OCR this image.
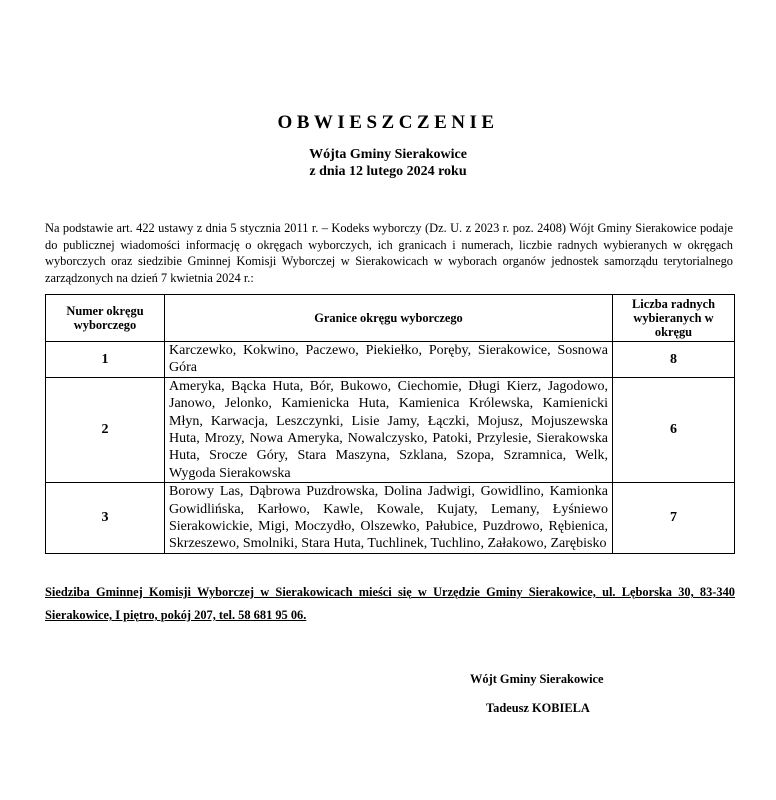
OBWIESZCZENIE
Wójta Gminy Sierakowice
z dnia 12 lutego 2024 roku
Na podstawie art. 422 ustawy z dnia 5 stycznia 2011 r. – Kodeks wyborczy (Dz. U. z 2023 r. poz. 2408) Wójt Gminy Sierakowice podaje do publicznej wiadomości informację o okręgach wyborczych, ich granicach i numerach, liczbie radnych wybieranych w okręgach wyborczych oraz siedzibie Gminnej Komisji Wyborczej w Sierakowicach w wyborach organów jednostek samorządu terytorialnego zarządzonych na dzień 7 kwietnia 2024 r.:
Numer okręgu wyborczego	Granice okręgu wyborczego	Liczba radnych wybieranych w okręgu
1	Karczewko, Kokwino, Paczewo, Piekiełko, Poręby, Sierakowice, Sosnowa Góra	8
2	Ameryka, Bącka Huta, Bór, Bukowo, Ciechomie, Długi Kierz, Jagodowo, Janowo, Jelonko, Kamienicka Huta, Kamienica Królewska, Kamienicki Młyn, Karwacja, Leszczynki, Lisie Jamy, Łączki, Mojusz, Mojuszewska Huta, Mrozy, Nowa Ameryka, Nowalczysko, Patoki, Przylesie, Sierakowska Huta, Srocze Góry, Stara Maszyna, Szklana, Szopa, Szramnica, Welk, Wygoda Sierakowska	6
3	Borowy Las, Dąbrowa Puzdrowska, Dolina Jadwigi, Gowidlino, Kamionka Gowidlińska, Karłowo, Kawle, Kowale, Kujaty, Lemany, Łyśniewo Sierakowickie, Migi, Moczydło, Olszewko, Pałubice, Puzdrowo, Rębienica, Skrzeszewo, Smolniki, Stara Huta, Tuchlinek, Tuchlino, Załakowo, Zarębisko	7
Siedziba Gminnej Komisji Wyborczej w Sierakowicach mieści się w Urzędzie Gminy Sierakowice, ul. Lęborska 30, 83-340 Sierakowice, I piętro, pokój 207, tel. 58 681 95 06.
Wójt Gminy Sierakowice
Tadeusz KOBIELA
